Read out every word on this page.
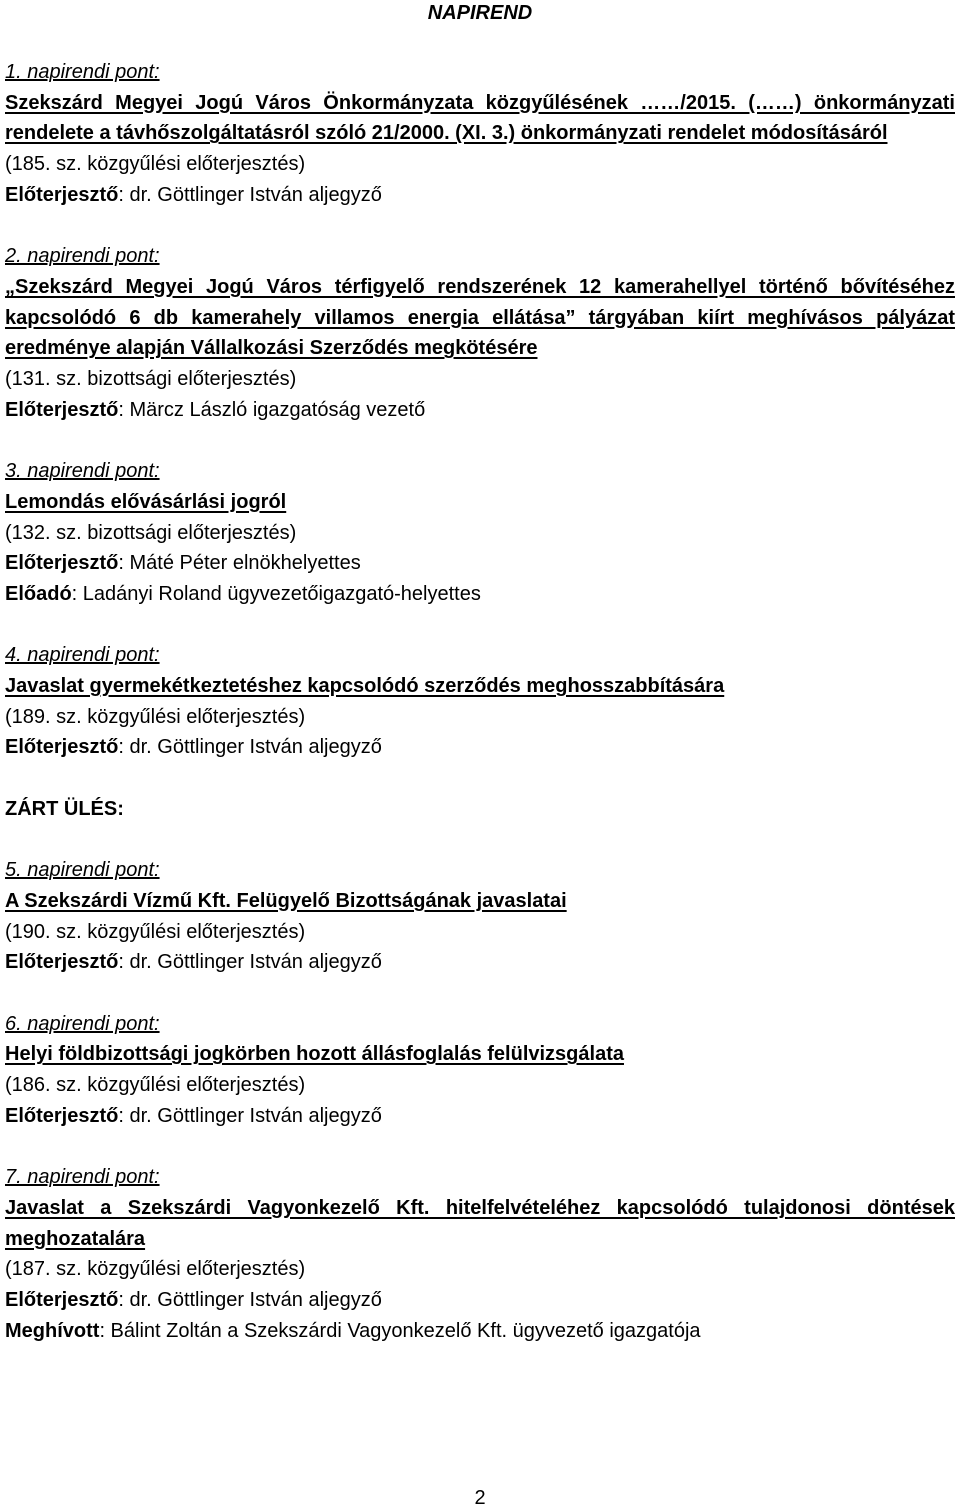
NAPIREND
1. napirendi pont:
Szekszárd Megyei Jogú Város Önkormányzata közgyűlésének ……/2015. (……) önkormányzati rendelete a távhőszolgáltatásról szóló 21/2000. (XI. 3.) önkormányzati rendelet módosításáról
(185. sz. közgyűlési előterjesztés)
Előterjesztő: dr. Göttlinger István aljegyző
2. napirendi pont:
„Szekszárd Megyei Jogú Város térfigyelő rendszerének 12 kamerahellyel történő bővítéséhez kapcsolódó 6 db kamerahely villamos energia ellátása” tárgyában kiírt meghívásos pályázat eredménye alapján Vállalkozási Szerződés megkötésére
(131. sz. bizottsági előterjesztés)
Előterjesztő: Märcz László igazgatóság vezető
3. napirendi pont:
Lemondás elővásárlási jogról
(132. sz. bizottsági előterjesztés)
Előterjesztő: Máté Péter elnökhelyettes
Előadó: Ladányi Roland ügyvezetőigazgató-helyettes
4. napirendi pont:
Javaslat gyermekétkeztetéshez kapcsolódó szerződés meghosszabbítására
(189. sz. közgyűlési előterjesztés)
Előterjesztő: dr. Göttlinger István aljegyző
ZÁRT ÜLÉS:
5. napirendi pont:
A Szekszárdi Vízmű Kft. Felügyelő Bizottságának javaslatai
(190. sz. közgyűlési előterjesztés)
Előterjesztő: dr. Göttlinger István aljegyző
6. napirendi pont:
Helyi földbizottsági jogkörben hozott állásfoglalás felülvizsgálata
(186. sz. közgyűlési előterjesztés)
Előterjesztő: dr. Göttlinger István aljegyző
7. napirendi pont:
Javaslat a Szekszárdi Vagyonkezelő Kft. hitelfelvételéhez kapcsolódó tulajdonosi döntések meghozatalára
(187. sz. közgyűlési előterjesztés)
Előterjesztő: dr. Göttlinger István aljegyző
Meghívott: Bálint Zoltán a Szekszárdi Vagyonkezelő Kft. ügyvezető igazgatója
2
